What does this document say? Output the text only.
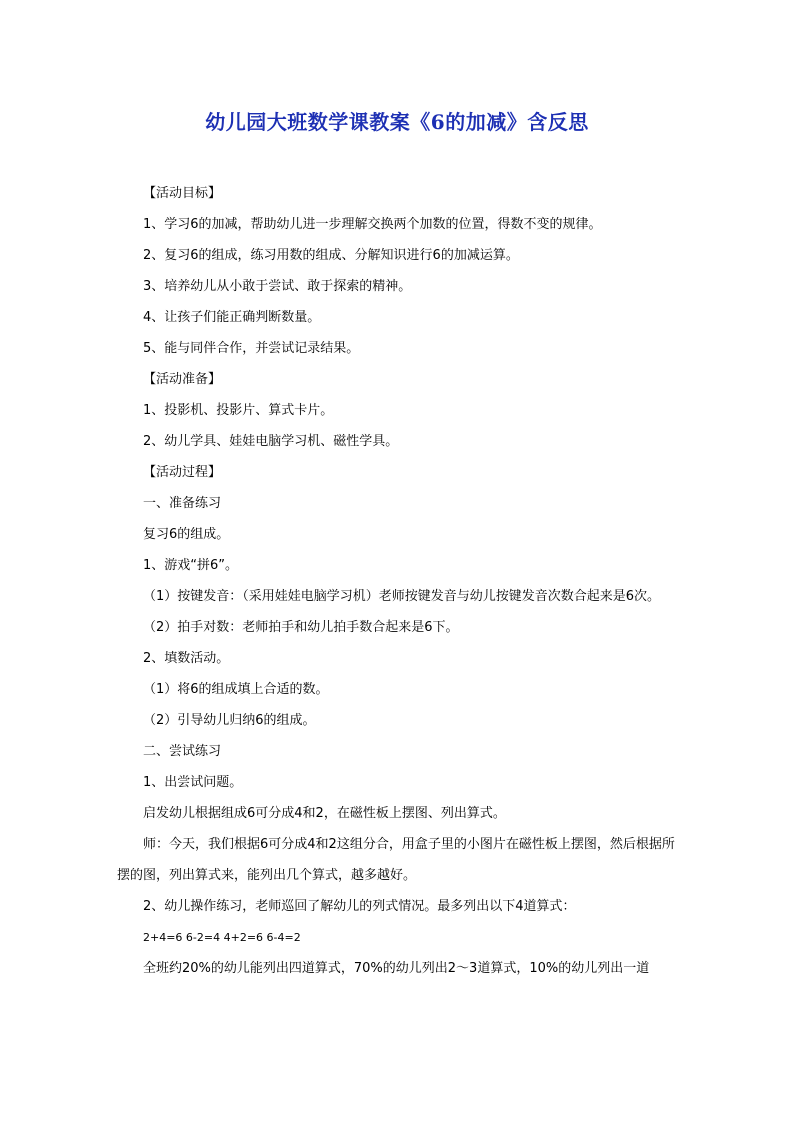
幼儿园大班数学课教案《6的加减》含反思

【活动目标】

1、学习6的加减，帮助幼儿进一步理解交换两个加数的位置，得数不变的规律。

2、复习6的组成，练习用数的组成、分解知识进行6的加减运算。

3、培养幼儿从小敢于尝试、敢于探索的精神。

4、让孩子们能正确判断数量。

5、能与同伴合作，并尝试记录结果。

【活动准备】

1、投影机、投影片、算式卡片。

2、幼儿学具、娃娃电脑学习机、磁性学具。

【活动过程】

一、准备练习

复习6的组成。

1、游戏“拼6”。

（1）按键发音：（采用娃娃电脑学习机）老师按键发音与幼儿按键发音次数合起来是6次。

（2）拍手对数：老师拍手和幼儿拍手数合起来是6下。

2、填数活动。

（1）将6的组成填上合适的数。

（2）引导幼儿归纳6的组成。

二、尝试练习

1、出尝试问题。

启发幼儿根据组成6可分成4和2，在磁性板上摆图、列出算式。

师：今天，我们根据6可分成4和2这组分合，用盒子里的小图片在磁性板上摆图，然后根据所摆的图，列出算式来，能列出几个算式，越多越好。

2、幼儿操作练习，老师巡回了解幼儿的列式情况。最多列出以下4道算式：

2+4=6 6-2=4 4+2=6 6-4=2

全班约20%的幼儿能列出四道算式，70%的幼儿列出2～3道算式，10%的幼儿列出一道
